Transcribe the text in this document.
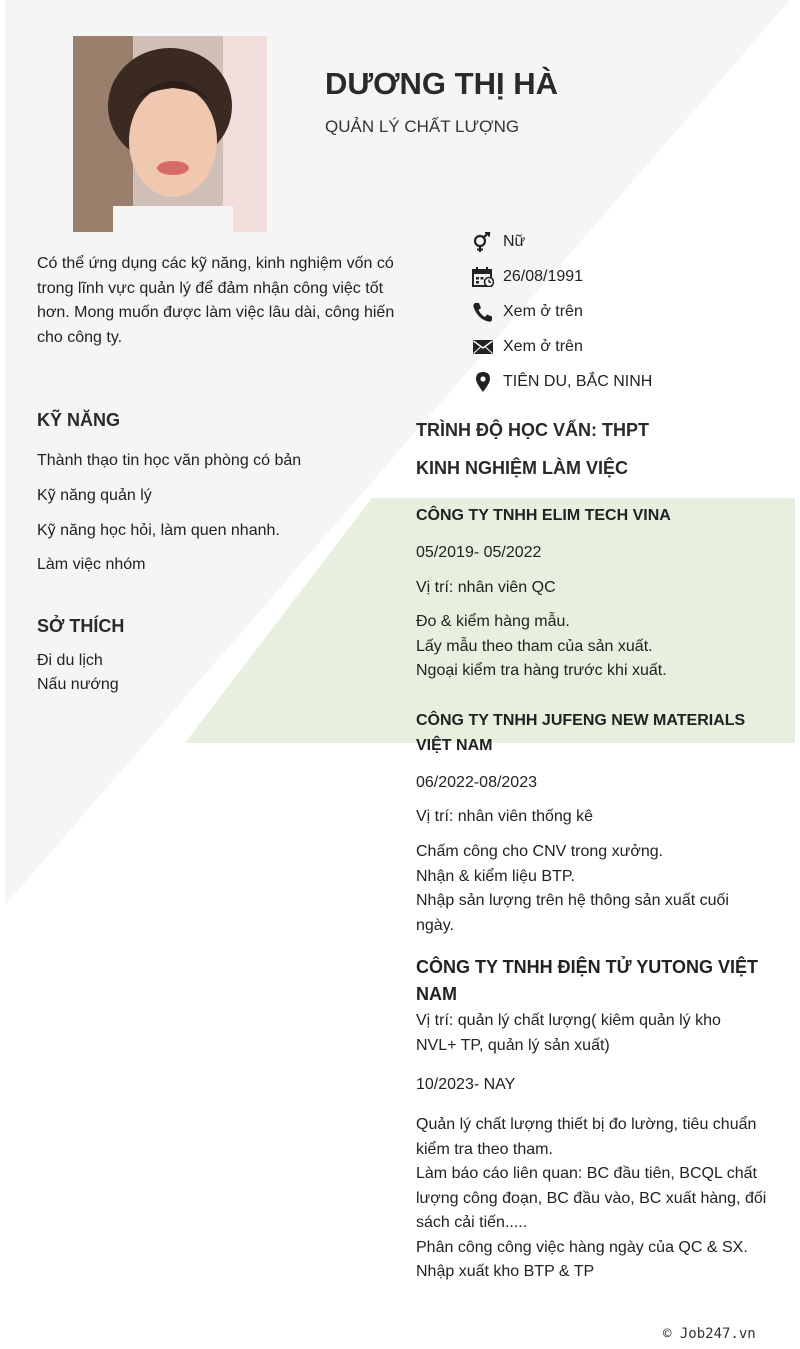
DƯƠNG THỊ HÀ
QUẢN LÝ CHẤT LƯỢNG
Có thể ứng dụng các kỹ năng, kinh nghiệm vốn có trong lĩnh vực quản lý để đảm nhận công việc tốt hơn. Mong muốn được làm việc lâu dài, công hiến cho công ty.
Nữ
26/08/1991
Xem ở trên
Xem ở trên
TIÊN DU, BẮC NINH
KỸ NĂNG
Thành thạo tin học văn phòng có bản
Kỹ năng quản lý
Kỹ năng học hỏi, làm quen nhanh.
Làm việc nhóm
SỞ THÍCH
Đi du lịch
Nấu nướng
TRÌNH ĐỘ HỌC VẤN: THPT
KINH NGHIỆM LÀM VIỆC
CÔNG TY TNHH ELIM TECH VINA
05/2019- 05/2022
Vị trí: nhân viên QC
Đo & kiểm hàng mẫu.
Lấy mẫu theo tham của sản xuất.
Ngoại kiểm tra hàng trước khi xuất.
CÔNG TY TNHH JUFENG NEW MATERIALS VIỆT NAM
06/2022-08/2023
Vị trí: nhân viên thống kê
Chấm công cho CNV trong xưởng.
Nhận & kiểm liệu BTP.
Nhập sản lượng trên hệ thông sản xuất cuối ngày.
CÔNG TY TNHH ĐIỆN TỬ YUTONG VIỆT NAM
Vị trí: quản lý chất lượng( kiêm quản lý kho NVL+ TP, quản lý sản xuất)
10/2023- NAY
Quản lý chất lượng thiết bị đo lường, tiêu chuẩn kiểm tra theo tham.
Làm báo cáo liên quan: BC đầu tiên, BCQL chất lượng công đoạn, BC đầu vào, BC xuất hàng, đối sách cải tiến.....
Phân công công việc hàng ngày của QC & SX.
Nhập xuất kho BTP & TP
© Job247.vn
